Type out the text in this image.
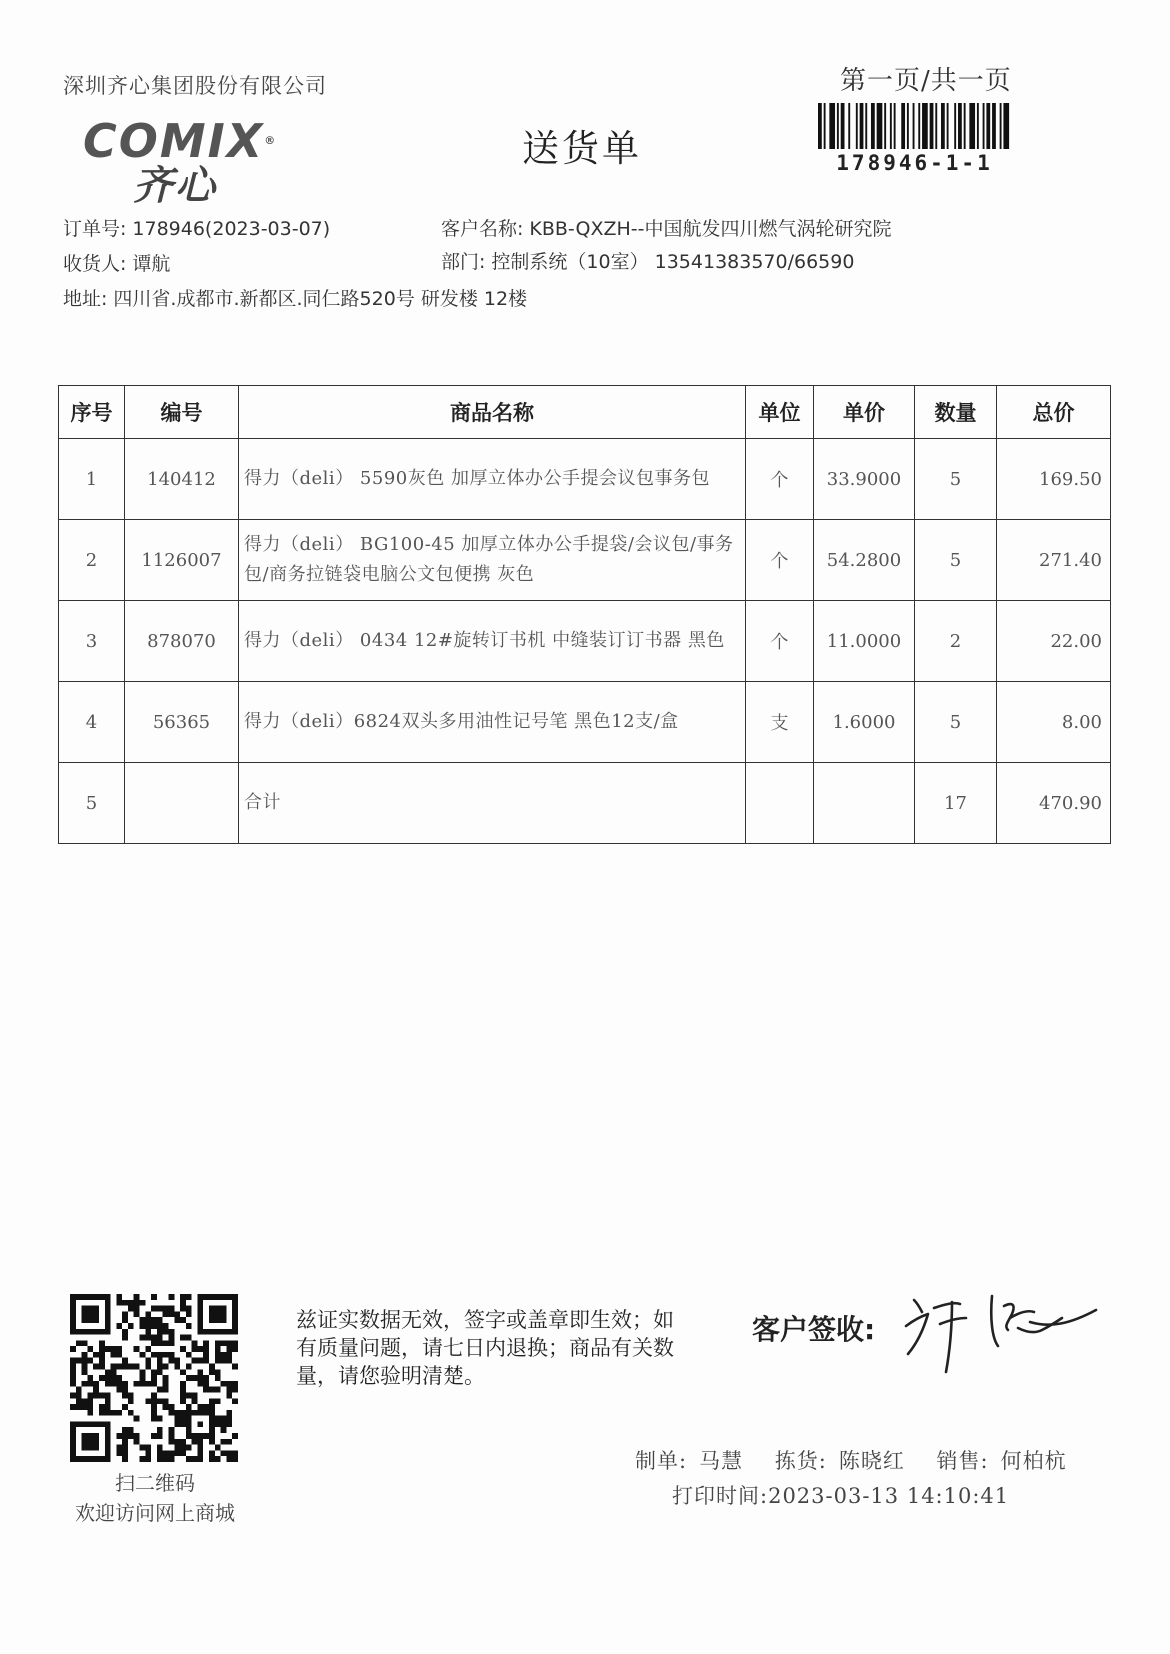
深圳齐心集团股份有限公司
COMIX®
齐心
送货单
第一页/共一页
178946-1-1
订单号: 178946(2023-03-07)	客户名称: KBB-QXZH--中国航发四川燃气涡轮研究院
收货人: 谭航	部门: 控制系统（10室） 13541383570/66590
地址: 四川省.成都市.新都区.同仁路520号 研发楼 12楼
序号	编号	商品名称	单位	单价	数量	总价
1	140412	得力（deli） 5590灰色 加厚立体办公手提会议包事务包	个	33.9000	5	169.50
2	1126007	得力（deli） BG100-45 加厚立体办公手提袋/会议包/事务包/商务拉链袋电脑公文包便携 灰色	个	54.2800	5	271.40
3	878070	得力（deli） 0434 12#旋转订书机 中缝装订订书器 黑色	个	11.0000	2	22.00
4	56365	得力（deli）6824双头多用油性记号笔 黑色12支/盒	支	1.6000	5	8.00
5		合计			17	470.90
扫二维码
欢迎访问网上商城
兹证实数据无效，签字或盖章即生效；如有质量问题，请七日内退换；商品有关数量，请您验明清楚。
客户签收:
制单: 马慧 拣货: 陈晓红 销售: 何柏杭
打印时间:2023-03-13 14:10:41
